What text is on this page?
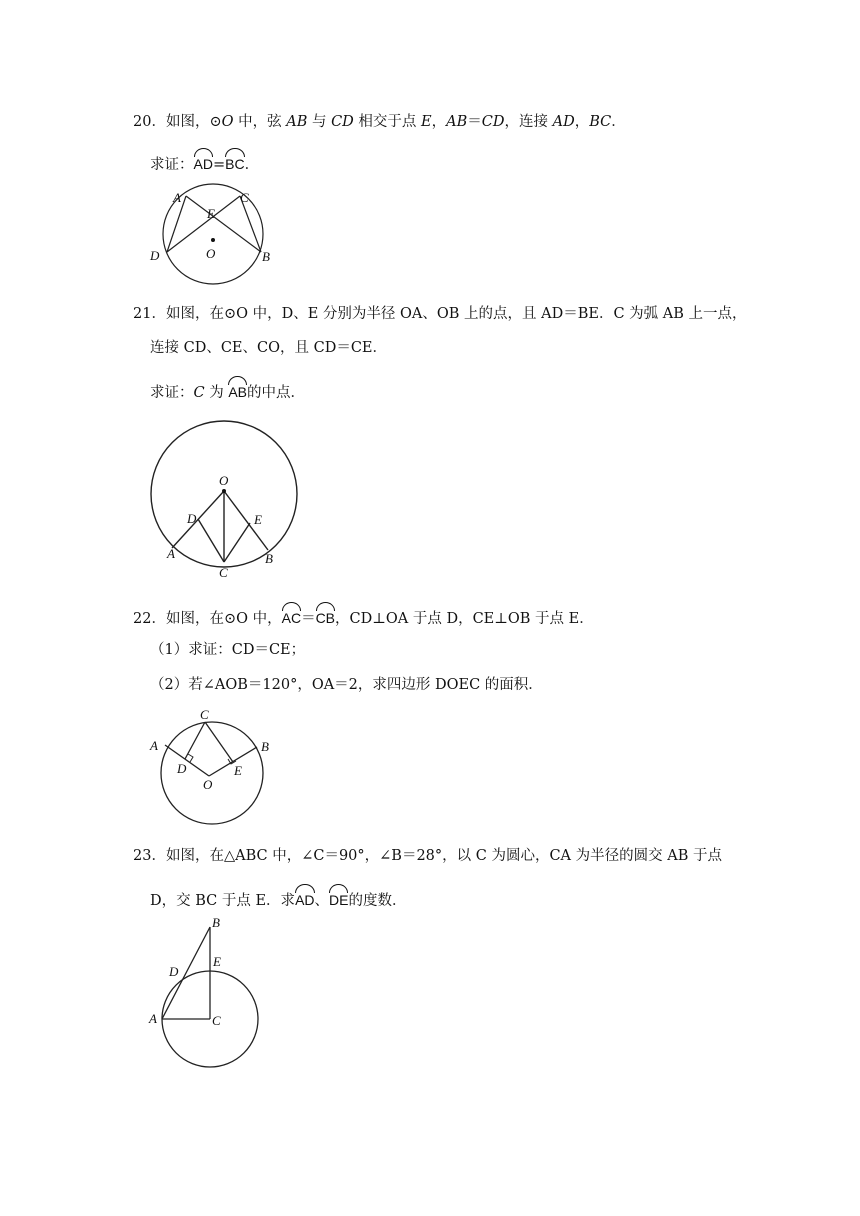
20．如图，⊙O 中，弦 AB 与 CD 相交于点 E，AB＝CD，连接 AD，BC．
求证：AD=BC．
A	C
E
D	O	B
21．如图，在⊙O 中，D、E 分别为半径 OA、OB 上的点，且 AD＝BE．C 为弧 AB 上一点，
连接 CD、CE、CO，且 CD＝CE．
求证：C 为 AB的中点．
O
D	E
A	B
C
22．如图，在⊙O 中，AC＝CB，CD⊥OA 于点 D，CE⊥OB 于点 E．
（1）求证：CD＝CE；
（2）若∠AOB＝120°，OA＝2，求四边形 DOEC 的面积．
C
A	B
D	E
O
23．如图，在△ABC 中，∠C＝90°，∠B＝28°，以 C 为圆心，CA 为半径的圆交 AB 于点
D，交 BC 于点 E．求AD、DE的度数．
B
D
E
A	C
